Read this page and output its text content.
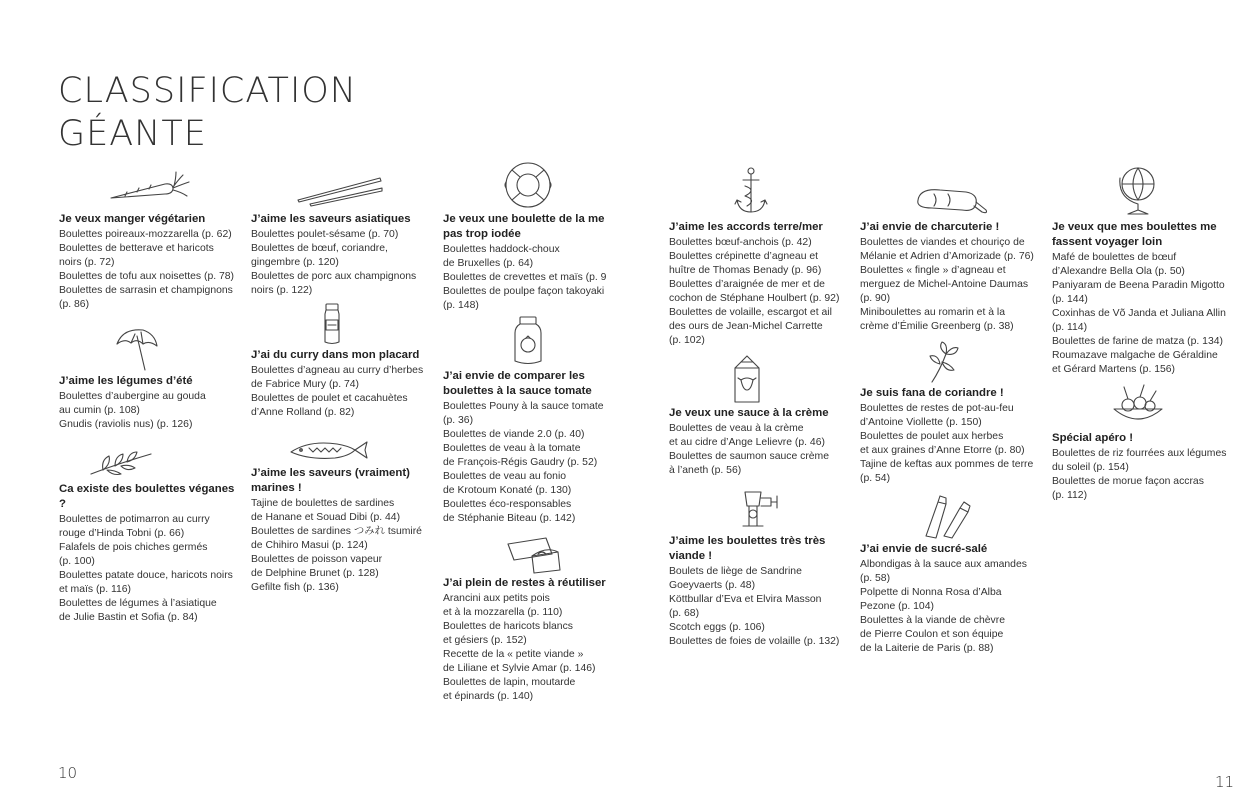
CLASSIFICATION
GÉANTE
Je veux manger végétarien
Boulettes poireaux-mozzarella (p. 62)
Boulettes de betterave et haricots
noirs (p. 72)
Boulettes de tofu aux noisettes (p. 78)
Boulettes de sarrasin et champignons
(p. 86)
J’aime les légumes d’été
Boulettes d’aubergine au gouda
au cumin (p. 108)
Gnudis (raviolis nus) (p. 126)
Ca existe des boulettes véganes ?
Boulettes de potimarron au curry
rouge d’Hinda Tobni (p. 66)
Falafels de pois chiches germés
(p. 100)
Boulettes patate douce, haricots noirs
et maïs (p. 116)
Boulettes de légumes à l’asiatique
de Julie Bastin et Sofia (p. 84)
J’aime les saveurs asiatiques
Boulettes poulet-sésame (p. 70)
Boulettes de bœuf, coriandre,
gingembre (p. 120)
Boulettes de porc aux champignons
noirs (p. 122)
J’ai du curry dans mon placard
Boulettes d’agneau au curry d’herbes
de Fabrice Mury (p. 74)
Boulettes de poulet et cacahuètes
d’Anne Rolland (p. 82)
J’aime les saveurs (vraiment) marines !
Tajine de boulettes de sardines
de Hanane et Souad Dibi (p. 44)
Boulettes de sardines つみれ tsumiré
de Chihiro Masui (p. 124)
Boulettes de poisson vapeur
de Delphine Brunet (p. 128)
Gefilte fish (p. 136)
Je veux une boulette de la me pas trop iodée
Boulettes haddock-choux
de Bruxelles (p. 64)
Boulettes de crevettes et maïs (p. 9
Boulettes de poulpe façon takoyaki
(p. 148)
J’ai envie de comparer les boulettes à la sauce tomate
Boulettes Pouny à la sauce tomate
(p. 36)
Boulettes de viande 2.0 (p. 40)
Boulettes de veau à la tomate
de François-Régis Gaudry (p. 52)
Boulettes de veau au fonio
de Krotoum Konaté (p. 130)
Boulettes éco-responsables
de Stéphanie Biteau (p. 142)
J’ai plein de restes à réutiliser
Arancini aux petits pois
et à la mozzarella (p. 110)
Boulettes de haricots blancs
et gésiers (p. 152)
Recette de la « petite viande »
de Liliane et Sylvie Amar (p. 146)
Boulettes de lapin, moutarde
et épinards (p. 140)
J’aime les accords terre/mer
Boulettes bœuf-anchois (p. 42)
Boulettes crépinette d’agneau et
huître de Thomas Benady (p. 96)
Boulettes d’araignée de mer et de
cochon de Stéphane Houlbert (p. 92)
Boulettes de volaille, escargot et ail
des ours de Jean-Michel Carrette
(p. 102)
Je veux une sauce à la crème
Boulettes de veau à la crème
et au cidre d’Ange Lelievre (p. 46)
Boulettes de saumon sauce crème
à l’aneth (p. 56)
J’aime les boulettes très très viande !
Boulets de liège de Sandrine
Goeyvaerts (p. 48)
Köttbullar d’Eva et Elvira Masson
(p. 68)
Scotch eggs (p. 106)
Boulettes de foies de volaille (p. 132)
J’ai envie de charcuterie !
Boulettes de viandes et chouriço de
Mélanie et Adrien d’Amorizade (p. 76)
Boulettes « fingle » d’agneau et
merguez de Michel-Antoine Daumas
(p. 90)
Miniboulettes au romarin et à la
crème d’Émilie Greenberg (p. 38)
Je suis fana de coriandre !
Boulettes de restes de pot-au-feu
d’Antoine Viollette (p. 150)
Boulettes de poulet aux herbes
et aux graines d’Anne Etorre (p. 80)
Tajine de keftas aux pommes de terre
(p. 54)
J’ai envie de sucré-salé
Albondigas à la sauce aux amandes
(p. 58)
Polpette di Nonna Rosa d’Alba
Pezone (p. 104)
Boulettes à la viande de chèvre
de Pierre Coulon et son équipe
de la Laiterie de Paris (p. 88)
Je veux que mes boulettes me fassent voyager loin
Mafé de boulettes de bœuf
d’Alexandre Bella Ola (p. 50)
Paniyaram de Beena Paradin Migotto
(p. 144)
Coxinhas de Võ Janda et Juliana Allin
(p. 114)
Boulettes de farine de matza (p. 134)
Roumazave malgache de Géraldine
et Gérard Martens (p. 156)
Spécial apéro !
Boulettes de riz fourrées aux légumes
du soleil (p. 154)
Boulettes de morue façon accras
(p. 112)
10	11
